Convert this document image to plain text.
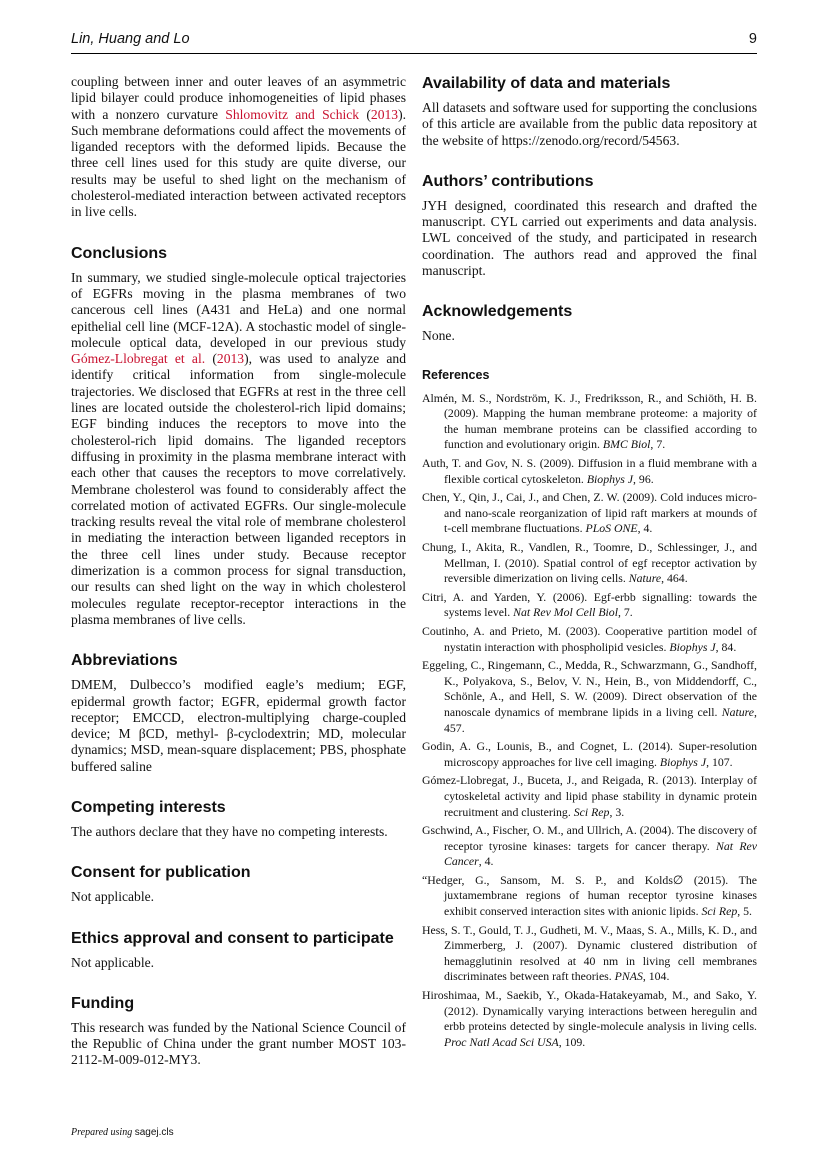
Lin, Huang and Lo	9

coupling between inner and outer leaves of an asymmetric lipid bilayer could produce inhomogeneities of lipid phases with a nonzero curvature Shlomovitz and Schick (2013). Such membrane deformations could affect the movements of liganded receptors with the deformed lipids. Because the three cell lines used for this study are quite diverse, our results may be useful to shed light on the mechanism of cholesterol-mediated interaction between activated receptors in live cells.

Conclusions

In summary, we studied single-molecule optical trajectories of EGFRs moving in the plasma membranes of two cancerous cell lines (A431 and HeLa) and one normal epithelial cell line (MCF-12A). A stochastic model of single-molecule optical data, developed in our previous study Gómez-Llobregat et al. (2013), was used to analyze and identify critical information from single-molecule trajectories. We disclosed that EGFRs at rest in the three cell lines are located outside the cholesterol-rich lipid domains; EGF binding induces the receptors to move into the cholesterol-rich lipid domains. The liganded receptors diffusing in proximity in the plasma membrane interact with each other that causes the receptors to move correlatively. Membrane cholesterol was found to considerably affect the correlated motion of activated EGFRs. Our single-molecule tracking results reveal the vital role of membrane cholesterol in mediating the interaction between liganded receptors in the three cell lines under study. Because receptor dimerization is a common process for signal transduction, our results can shed light on the way in which cholesterol molecules regulate receptor-receptor interactions in the plasma membranes of live cells.

Abbreviations

DMEM, Dulbecco’s modified eagle’s medium; EGF, epidermal growth factor; EGFR, epidermal growth factor receptor; EMCCD, electron-multiplying charge-coupled device; M βCD, methyl- β-cyclodextrin; MD, molecular dynamics; MSD, mean-square displacement; PBS, phosphate buffered saline

Competing interests

The authors declare that they have no competing interests.

Consent for publication

Not applicable.

Ethics approval and consent to participate

Not applicable.

Funding

This research was funded by the National Science Council of the Republic of China under the grant number MOST 103-2112-M-009-012-MY3.

Availability of data and materials

All datasets and software used for supporting the conclusions of this article are available from the public data repository at the website of https://zenodo.org/record/54563.

Authors’ contributions

JYH designed, coordinated this research and drafted the manuscript. CYL carried out experiments and data analysis. LWL conceived of the study, and participated in research coordination. The authors read and approved the final manuscript.

Acknowledgements

None.

References

Almén, M. S., Nordström, K. J., Fredriksson, R., and Schiöth, H. B. (2009). Mapping the human membrane proteome: a majority of the human membrane proteins can be classified according to function and evolutionary origin. BMC Biol, 7.

Auth, T. and Gov, N. S. (2009). Diffusion in a fluid membrane with a flexible cortical cytoskeleton. Biophys J, 96.

Chen, Y., Qin, J., Cai, J., and Chen, Z. W. (2009). Cold induces micro- and nano-scale reorganization of lipid raft markers at mounds of t-cell membrane fluctuations. PLoS ONE, 4.

Chung, I., Akita, R., Vandlen, R., Toomre, D., Schlessinger, J., and Mellman, I. (2010). Spatial control of egf receptor activation by reversible dimerization on living cells. Nature, 464.

Citri, A. and Yarden, Y. (2006). Egf-erbb signalling: towards the systems level. Nat Rev Mol Cell Biol, 7.

Coutinho, A. and Prieto, M. (2003). Cooperative partition model of nystatin interaction with phospholipid vesicles. Biophys J, 84.

Eggeling, C., Ringemann, C., Medda, R., Schwarzmann, G., Sandhoff, K., Polyakova, S., Belov, V. N., Hein, B., von Middendorff, C., Schönle, A., and Hell, S. W. (2009). Direct observation of the nanoscale dynamics of membrane lipids in a living cell. Nature, 457.

Godin, A. G., Lounis, B., and Cognet, L. (2014). Super-resolution microscopy approaches for live cell imaging. Biophys J, 107.

Gómez-Llobregat, J., Buceta, J., and Reigada, R. (2013). Interplay of cytoskeletal activity and lipid phase stability in dynamic protein recruitment and clustering. Sci Rep, 3.

Gschwind, A., Fischer, O. M., and Ullrich, A. (2004). The discovery of receptor tyrosine kinases: targets for cancer therapy. Nat Rev Cancer, 4.

“Hedger, G., Sansom, M. S. P., and Kolds∅ (2015). The juxtamembrane regions of human receptor tyrosine kinases exhibit conserved interaction sites with anionic lipids. Sci Rep, 5.

Hess, S. T., Gould, T. J., Gudheti, M. V., Maas, S. A., Mills, K. D., and Zimmerberg, J. (2007). Dynamic clustered distribution of hemagglutinin resolved at 40 nm in living cell membranes discriminates between raft theories. PNAS, 104.

Hiroshimaa, M., Saekib, Y., Okada-Hatakeyamab, M., and Sako, Y. (2012). Dynamically varying interactions between heregulin and erbb proteins detected by single-molecule analysis in living cells. Proc Natl Acad Sci USA, 109.

Prepared using sagej.cls
